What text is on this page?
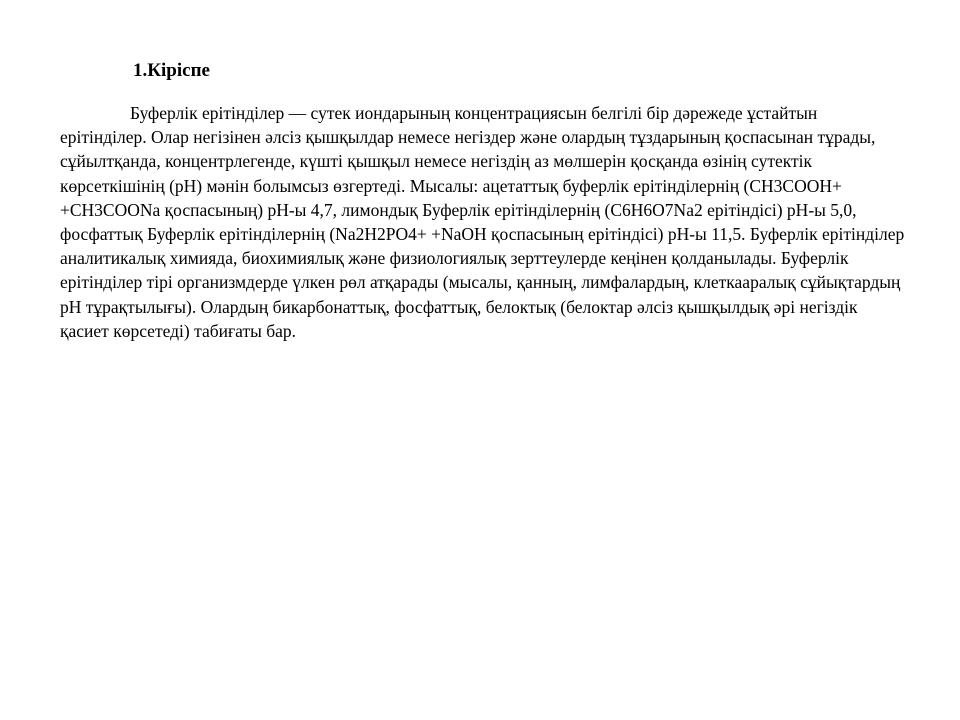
1.Кіріспе

Буферлік ерітінділер — сутек иондарының концентрациясын белгілі бір дәрежеде ұстайтын ерітінділер. Олар негізінен әлсіз қышқылдар немесе негіздер және олардың тұздарының қоспасынан тұрады, сұйылтқанда, концентрлегенде, күшті қышқыл немесе негіздің аз мөлшерін қосқанда өзінің сутектік көрсеткішінің (pH) мәнін болымсыз өзгертеді. Мысалы: ацетаттық буферлік ерітінділернің (CH3COOH+ +CH3COONa қоспасының) pH-ы 4,7, лимондық Буферлік ерітінділернің (C6H6O7Na2 ерітіндісі) pH-ы 5,0, фосфаттық Буферлік ерітінділернің (Na2H2PO4+ +NaOH қоспасының ерітіндісі) pH-ы 11,5. Буферлік ерітінділер аналитикалық химияда, биохимиялық және физиологиялық зерттеулерде кеңінен қолданылады. Буферлік ерітінділер тірі организмдерде үлкен рөл атқарады (мысалы, қанның, лимфалардың, клеткааралық сұйықтардың pH тұрақтылығы). Олардың бикарбонаттық, фосфаттық, белоктық (белоктар әлсіз қышқылдық әрі негіздік қасиет көрсетеді) табиғаты бар.
